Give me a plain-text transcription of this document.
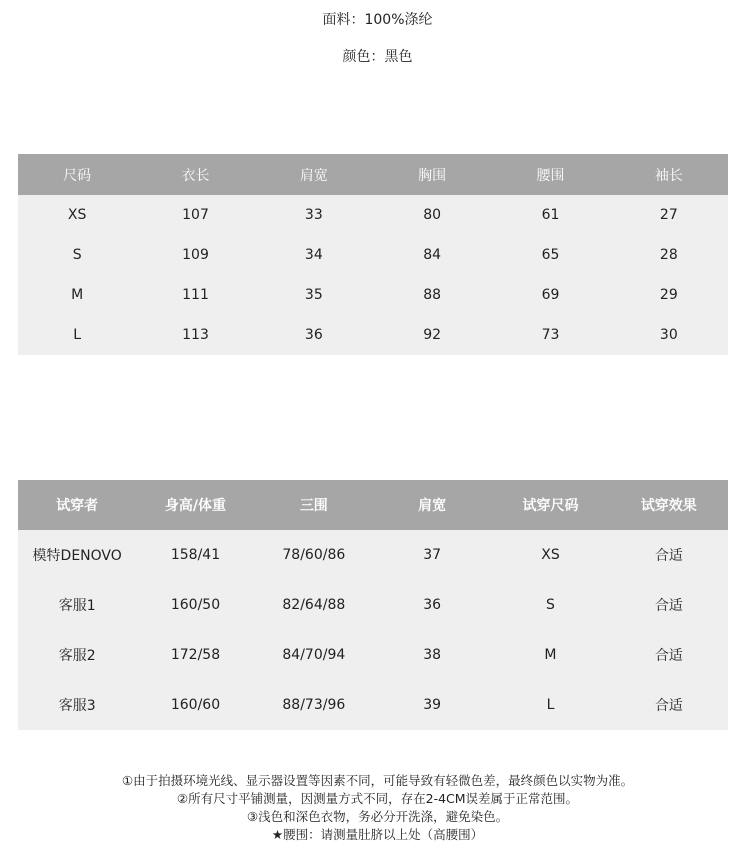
面料：100%涤纶
颜色：黑色
尺码	衣长	肩宽	胸围	腰围	袖长
XS	107	33	80	61	27
S	109	34	84	65	28
M	111	35	88	69	29
L	113	36	92	73	30
试穿者	身高/体重	三围	肩宽	试穿尺码	试穿效果
模特DENOVO	158/41	78/60/86	37	XS	合适
客服1	160/50	82/64/88	36	S	合适
客服2	172/58	84/70/94	38	M	合适
客服3	160/60	88/73/96	39	L	合适
①由于拍摄环境光线、显示器设置等因素不同，可能导致有轻微色差，最终颜色以实物为准。
②所有尺寸平铺测量，因测量方式不同，存在2-4CM误差属于正常范围。
③浅色和深色衣物，务必分开洗涤，避免染色。
★腰围：请测量肚脐以上处（高腰围）
